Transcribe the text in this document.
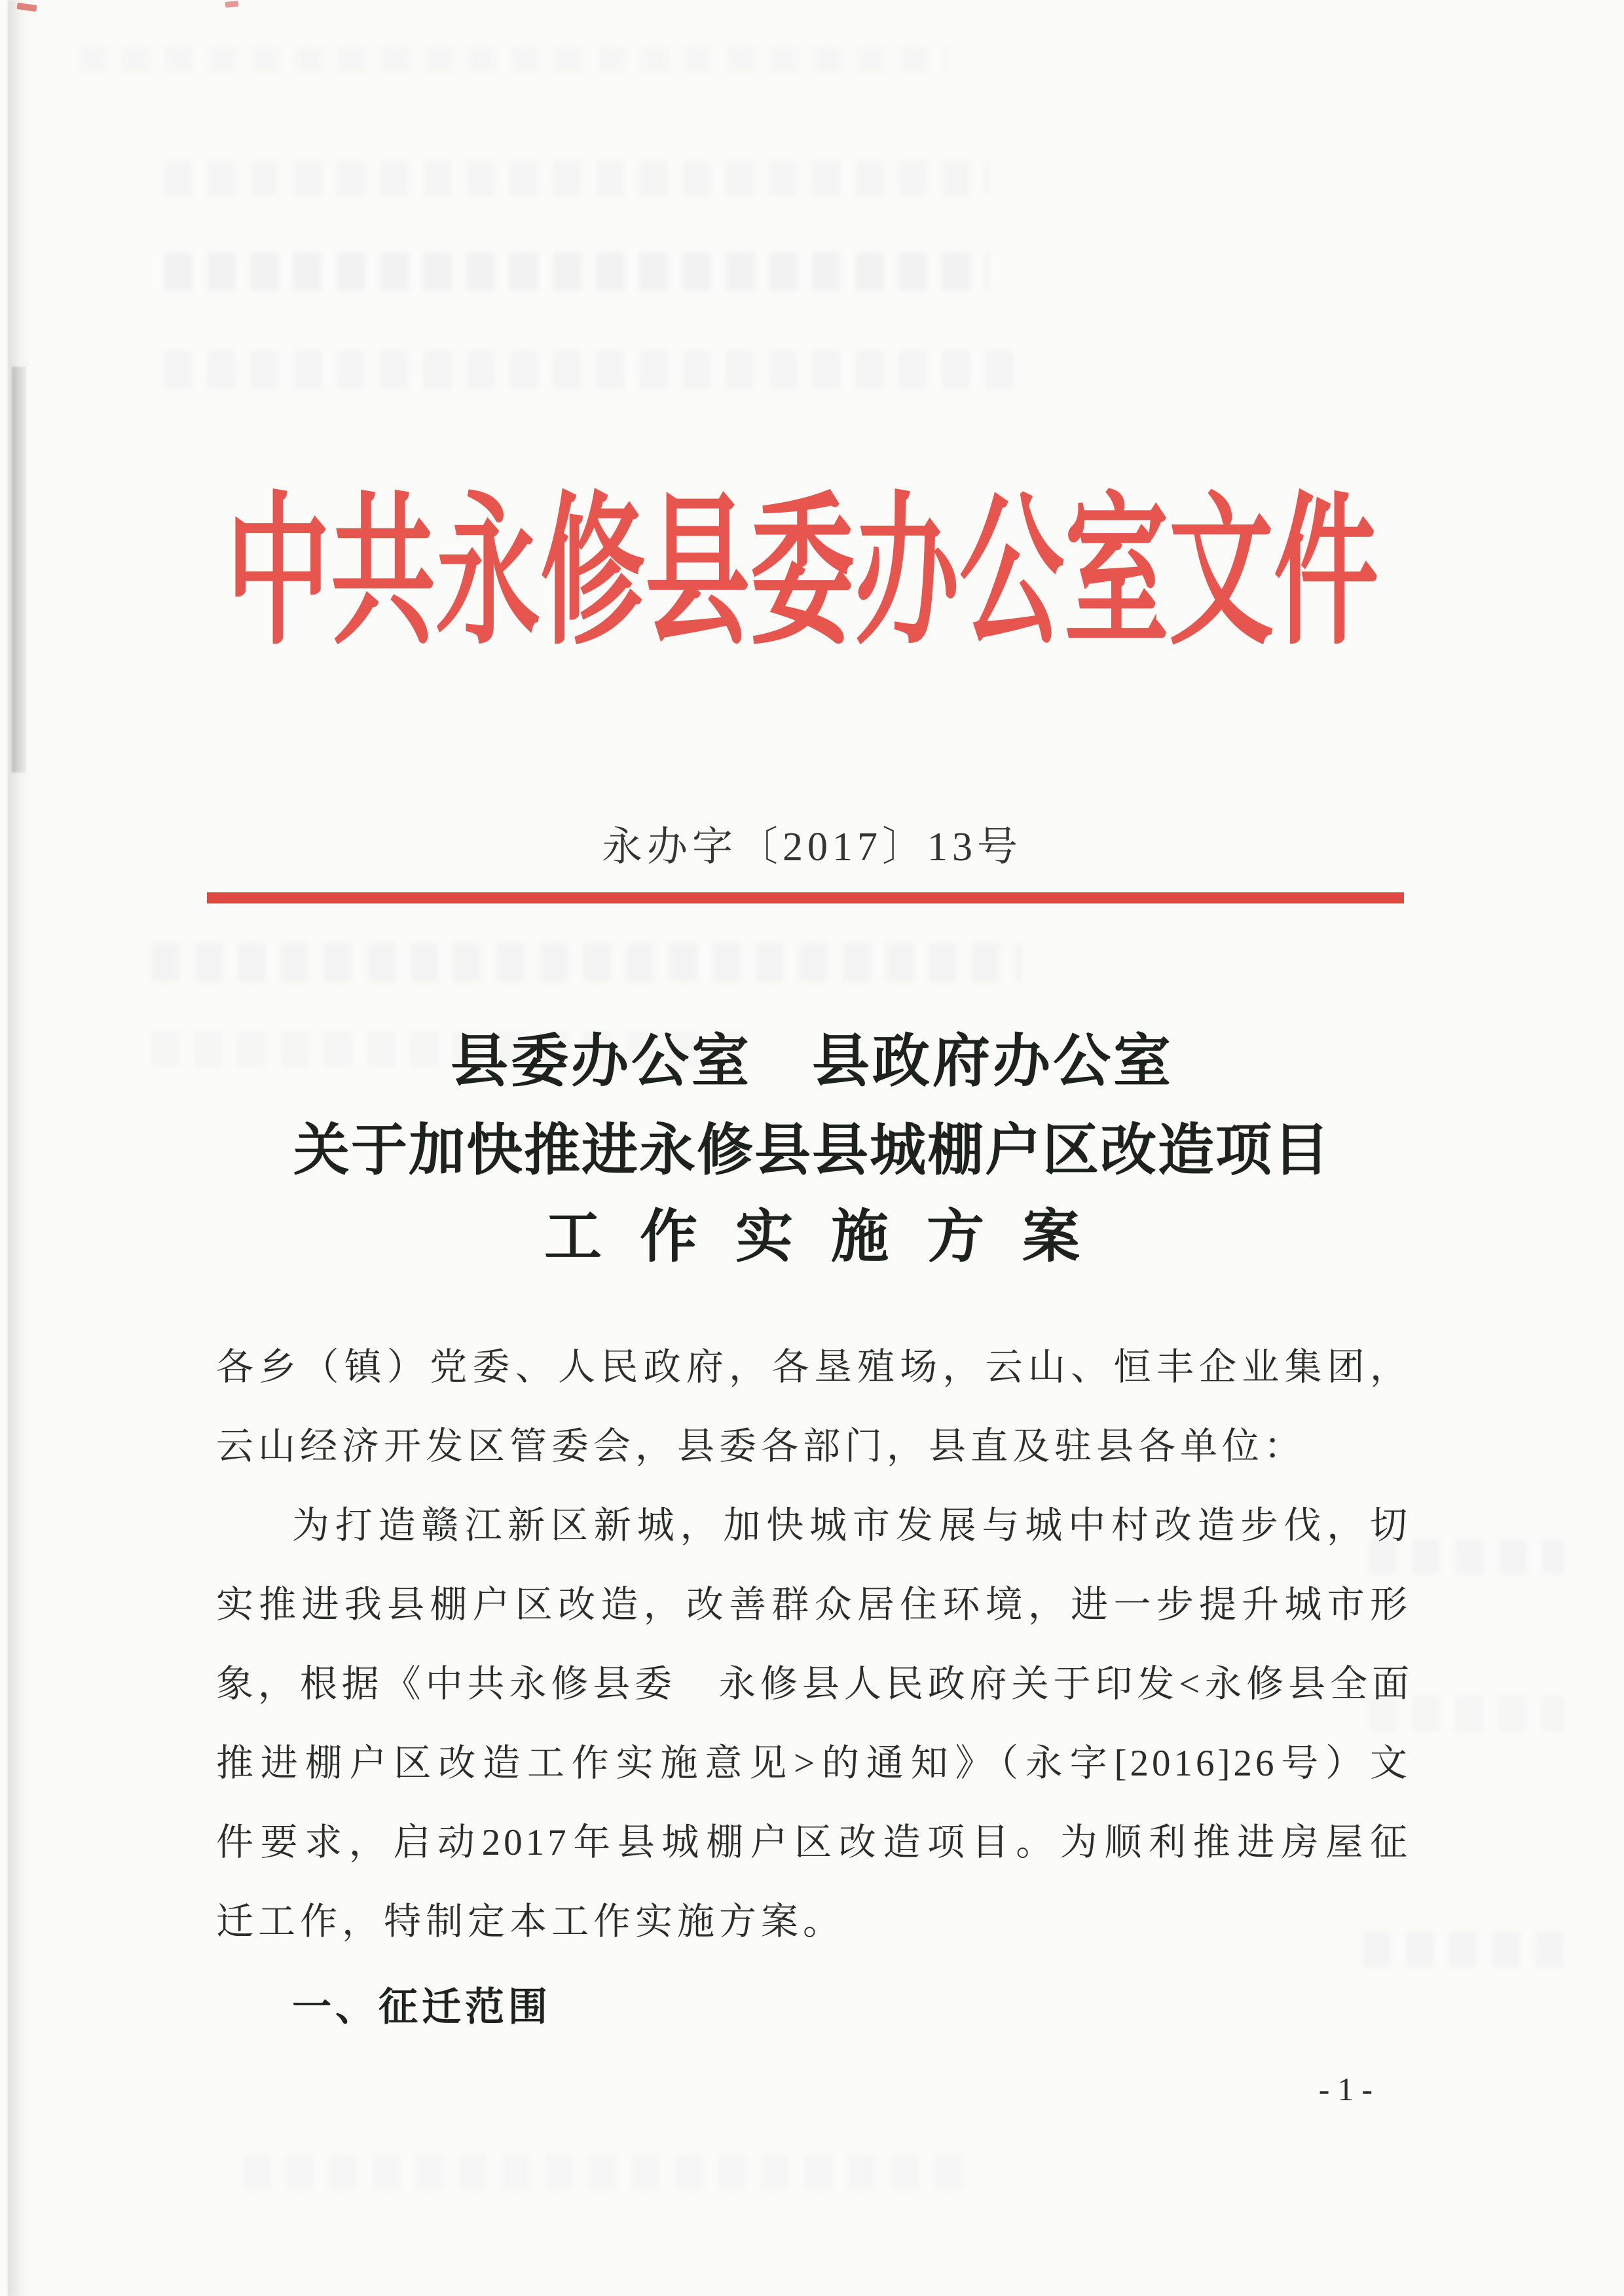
中共永修县委办公室文件
永办字〔2017〕13号
县委办公室　县政府办公室
关于加快推进永修县县城棚户区改造项目
工作实施方案
各乡（镇）党委、人民政府，各垦殖场，云山、恒丰企业集团，
云山经济开发区管委会，县委各部门，县直及驻县各单位：
为打造赣江新区新城，加快城市发展与城中村改造步伐，切
实推进我县棚户区改造，改善群众居住环境，进一步提升城市形
象，根据《中共永修县委　永修县人民政府关于印发<永修县全面
推进棚户区改造工作实施意见>的通知》（永字[2016]26号）文
件要求，启动2017年县城棚户区改造项目。为顺利推进房屋征
迁工作，特制定本工作实施方案。
一、征迁范围
-1-
